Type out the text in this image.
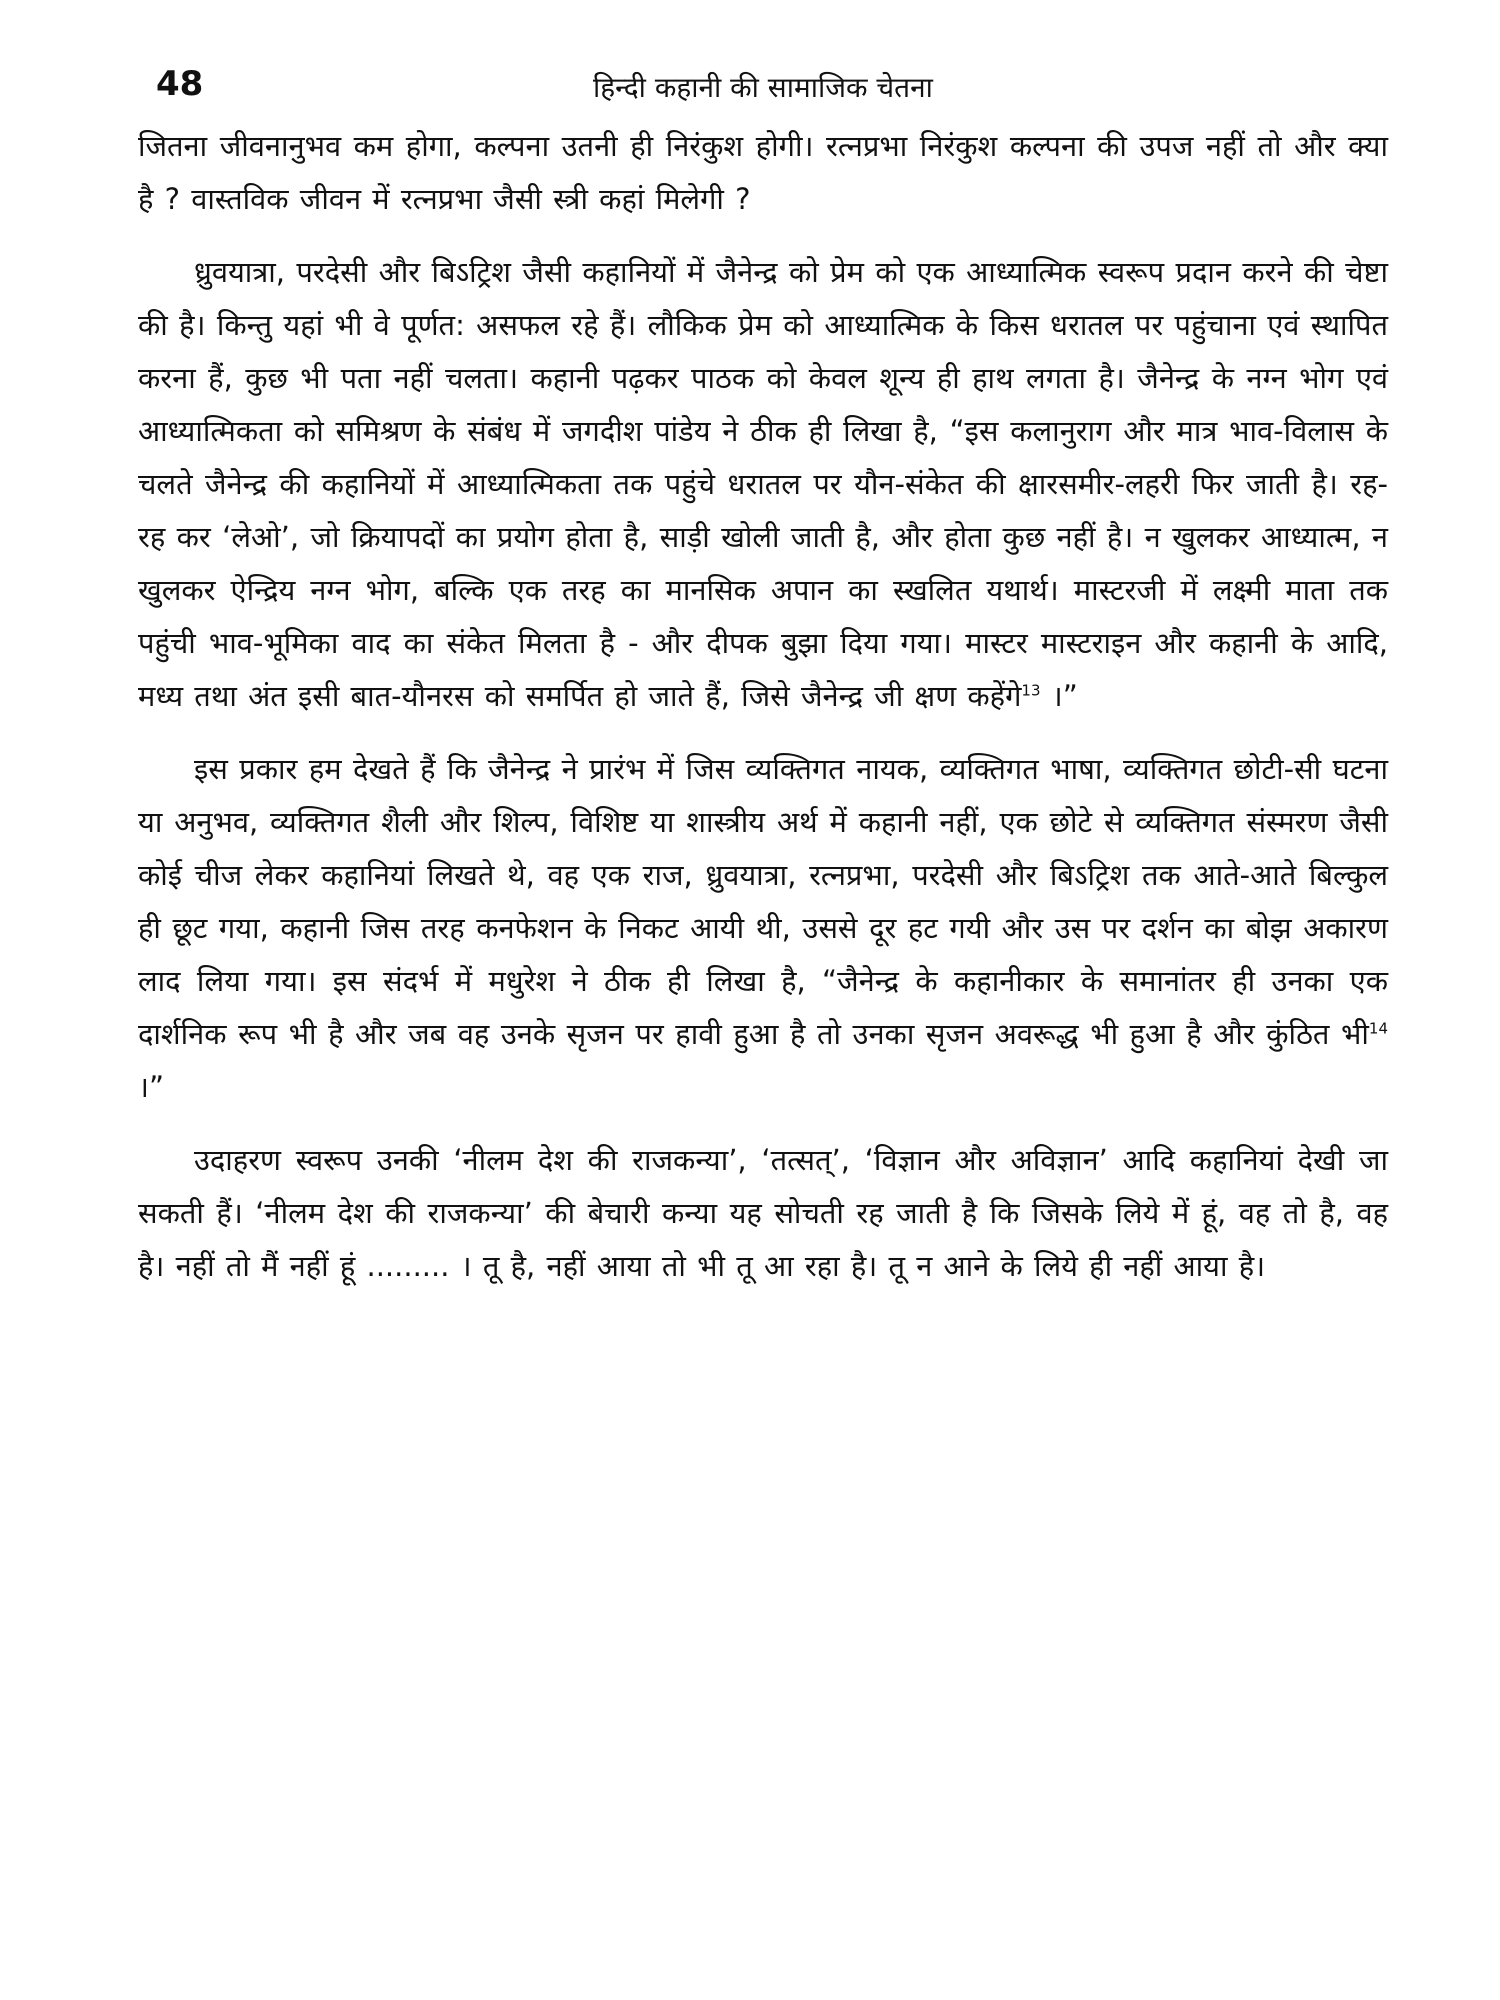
48	हिन्दी कहानी की सामाजिक चेतना

जितना जीवनानुभव कम होगा, कल्पना उतनी ही निरंकुश होगी। रत्नप्रभा निरंकुश कल्पना की उपज नहीं तो और क्या है ? वास्तविक जीवन में रत्नप्रभा जैसी स्त्री कहां मिलेगी ?

ध्रुवयात्रा, परदेसी और बिऽट्रिश जैसी कहानियों में जैनेन्द्र को प्रेम को एक आध्यात्मिक स्वरूप प्रदान करने की चेष्टा की है। किन्तु यहां भी वे पूर्णत: असफल रहे हैं। लौकिक प्रेम को आध्यात्मिक के किस धरातल पर पहुंचाना एवं स्थापित करना हैं, कुछ भी पता नहीं चलता। कहानी पढ़कर पाठक को केवल शून्य ही हाथ लगता है। जैनेन्द्र के नग्न भोग एवं आध्यात्मिकता को समिश्रण के संबंध में जगदीश पांडेय ने ठीक ही लिखा है, “इस कलानुराग और मात्र भाव-विलास के चलते जैनेन्द्र की कहानियों में आध्यात्मिकता तक पहुंचे धरातल पर यौन-संकेत की क्षारसमीर-लहरी फिर जाती है। रह-रह कर ‘लेओ’, जो क्रियापदों का प्रयोग होता है, साड़ी खोली जाती है, और होता कुछ नहीं है। न खुलकर आध्यात्म, न खुलकर ऐन्द्रिय नग्न भोग, बल्कि एक तरह का मानसिक अपान का स्खलित यथार्थ। मास्टरजी में लक्ष्मी माता तक पहुंची भाव-भूमिका वाद का संकेत मिलता है - और दीपक बुझा दिया गया। मास्टर मास्टराइन और कहानी के आदि, मध्य तथा अंत इसी बात-यौनरस को समर्पित हो जाते हैं, जिसे जैनेन्द्र जी क्षण कहेंगे$^{13}$ ।”

इस प्रकार हम देखते हैं कि जैनेन्द्र ने प्रारंभ में जिस व्यक्तिगत नायक, व्यक्तिगत भाषा, व्यक्तिगत छोटी-सी घटना या अनुभव, व्यक्तिगत शैली और शिल्प, विशिष्ट या शास्त्रीय अर्थ में कहानी नहीं, एक छोटे से व्यक्तिगत संस्मरण जैसी कोई चीज लेकर कहानियां लिखते थे, वह एक राज, ध्रुवयात्रा, रत्नप्रभा, परदेसी और बिऽट्रिश तक आते-आते बिल्कुल ही छूट गया, कहानी जिस तरह कनफेशन के निकट आयी थी, उससे दूर हट गयी और उस पर दर्शन का बोझ अकारण लाद लिया गया। इस संदर्भ में मधुरेश ने ठीक ही लिखा है, “जैनेन्द्र के कहानीकार के समानांतर ही उनका एक दार्शनिक रूप भी है और जब वह उनके सृजन पर हावी हुआ है तो उनका सृजन अवरूद्ध भी हुआ है और कुंठित भी$^{14}$ ।”

उदाहरण स्वरूप उनकी ‘नीलम देश की राजकन्या’, ‘तत्सत्’, ‘विज्ञान और अविज्ञान’ आदि कहानियां देखी जा सकती हैं। ‘नीलम देश की राजकन्या’ की बेचारी कन्या यह सोचती रह जाती है कि जिसके लिये में हूं, वह तो है, वह है। नहीं तो मैं नहीं हूं ......... । तू है, नहीं आया तो भी तू आ रहा है। तू न आने के लिये ही नहीं आया है।
